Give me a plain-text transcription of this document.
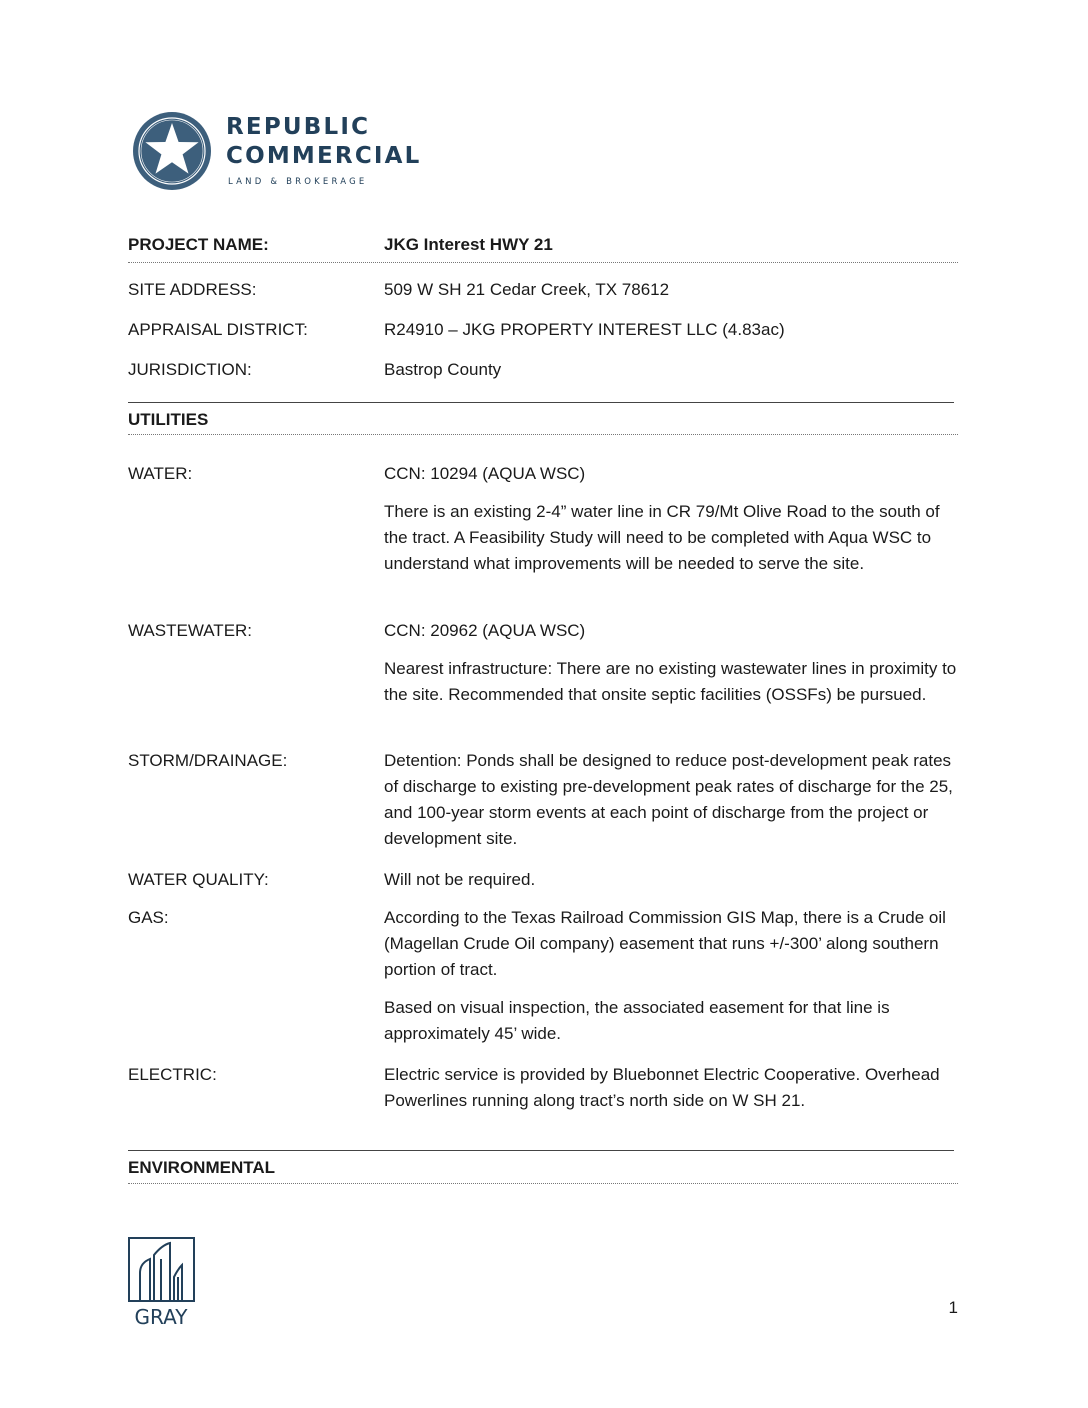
REPUBLIC
COMMERCIAL
LAND & BROKERAGE
PROJECT NAME:	JKG Interest HWY 21
SITE ADDRESS:	509 W SH 21 Cedar Creek, TX 78612
APPRAISAL DISTRICT:	R24910 – JKG PROPERTY INTEREST LLC (4.83ac)
JURISDICTION:	Bastrop County
UTILITIES
WATER:	CCN: 10294 (AQUA WSC)

There is an existing 2-4” water line in CR 79/Mt Olive Road to the south of the tract. A Feasibility Study will need to be completed with Aqua WSC to understand what improvements will be needed to serve the site.

WASTEWATER:	CCN: 20962 (AQUA WSC)

Nearest infrastructure: There are no existing wastewater lines in proximity to the site. Recommended that onsite septic facilities (OSSFs) be pursued.

STORM/DRAINAGE:	Detention: Ponds shall be designed to reduce post-development peak rates of discharge to existing pre-development peak rates of discharge for the 25, and 100-year storm events at each point of discharge from the project or development site.

WATER QUALITY:	Will not be required.
GAS:	According to the Texas Railroad Commission GIS Map, there is a Crude oil (Magellan Crude Oil company) easement that runs +/-300’ along southern portion of tract.

Based on visual inspection, the associated easement for that line is approximately 45’ wide.

ELECTRIC:	Electric service is provided by Bluebonnet Electric Cooperative. Overhead Powerlines running along tract’s north side on W SH 21.
ENVIRONMENTAL
GRAY	1
